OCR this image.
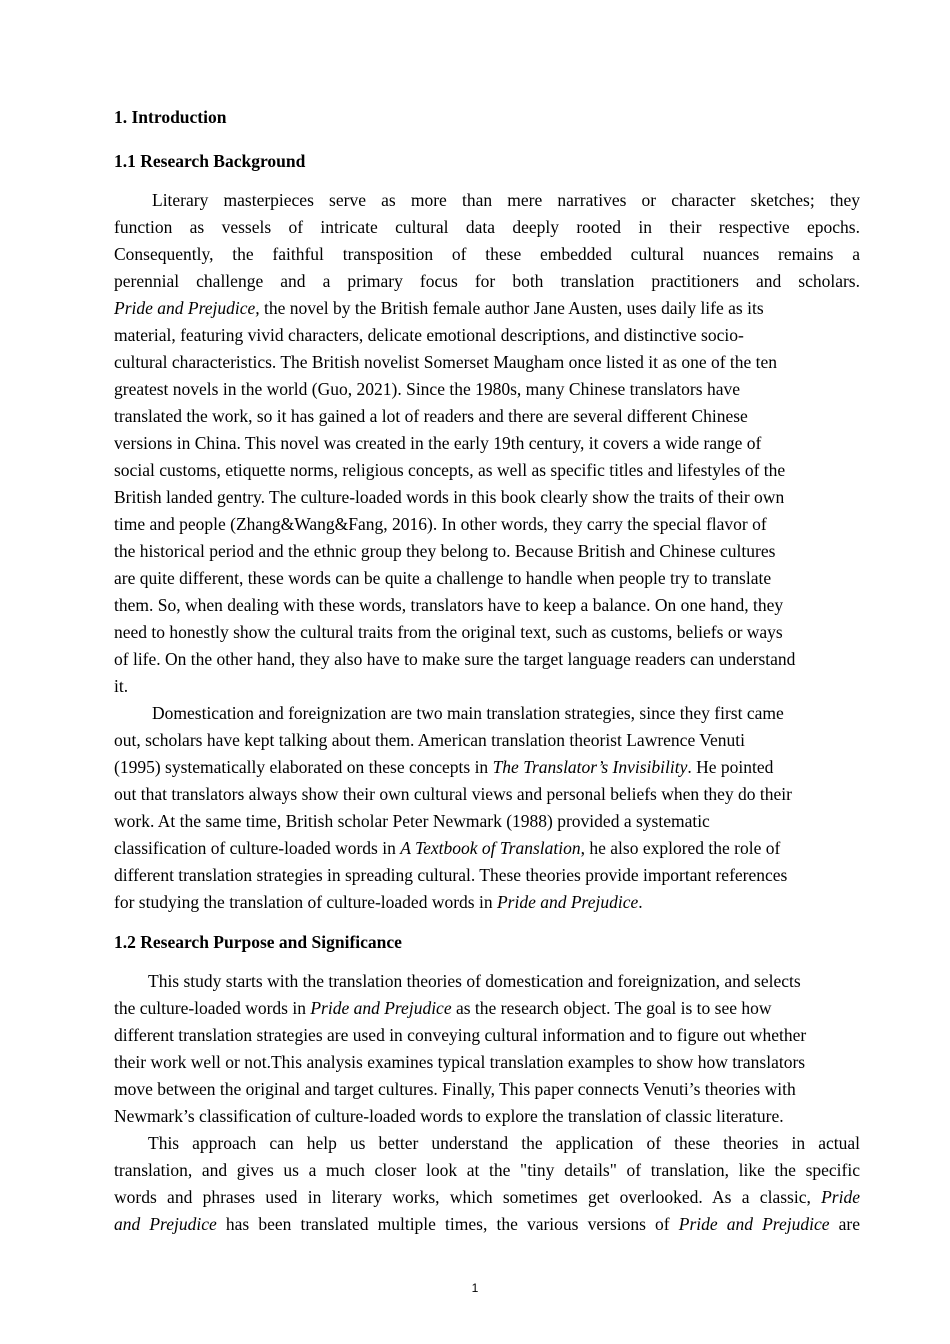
1. Introduction
1.1 Research Background

Literary masterpieces serve as more than mere narratives or character sketches; they
function as vessels of intricate cultural data deeply rooted in their respective epochs.
Consequently, the faithful transposition of these embedded cultural nuances remains a
perennial challenge and a primary focus for both translation practitioners and scholars.
Pride and Prejudice, the novel by the British female author Jane Austen, uses daily life as its
material, featuring vivid characters, delicate emotional descriptions, and distinctive socio-
cultural characteristics. The British novelist Somerset Maugham once listed it as one of the ten
greatest novels in the world (Guo, 2021). Since the 1980s, many Chinese translators have
translated the work, so it has gained a lot of readers and there are several different Chinese
versions in China. This novel was created in the early 19th century, it covers a wide range of
social customs, etiquette norms, religious concepts, as well as specific titles and lifestyles of the
British landed gentry. The culture-loaded words in this book clearly show the traits of their own
time and people (Zhang&Wang&Fang, 2016). In other words, they carry the special flavor of
the historical period and the ethnic group they belong to. Because British and Chinese cultures
are quite different, these words can be quite a challenge to handle when people try to translate
them. So, when dealing with these words, translators have to keep a balance. On one hand, they
need to honestly show the cultural traits from the original text, such as customs, beliefs or ways
of life. On the other hand, they also have to make sure the target language readers can understand
it.

Domestication and foreignization are two main translation strategies, since they first came
out, scholars have kept talking about them. American translation theorist Lawrence Venuti
(1995) systematically elaborated on these concepts in The Translator’s Invisibility. He pointed
out that translators always show their own cultural views and personal beliefs when they do their
work. At the same time, British scholar Peter Newmark (1988) provided a systematic
classification of culture-loaded words in A Textbook of Translation, he also explored the role of
different translation strategies in spreading cultural. These theories provide important references
for studying the translation of culture-loaded words in Pride and Prejudice.

1.2 Research Purpose and Significance

This study starts with the translation theories of domestication and foreignization, and selects
the culture-loaded words in Pride and Prejudice as the research object. The goal is to see how
different translation strategies are used in conveying cultural information and to figure out whether
their work well or not.This analysis examines typical translation examples to show how translators
move between the original and target cultures. Finally, This paper connects Venuti’s theories with
Newmark’s classification of culture-loaded words to explore the translation of classic literature.

This approach can help us better understand the application of these theories in actual
translation, and gives us a much closer look at the "tiny details" of translation, like the specific
words and phrases used in literary works, which sometimes get overlooked. As a classic, Pride
and Prejudice has been translated multiple times, the various versions of Pride and Prejudice are

1
